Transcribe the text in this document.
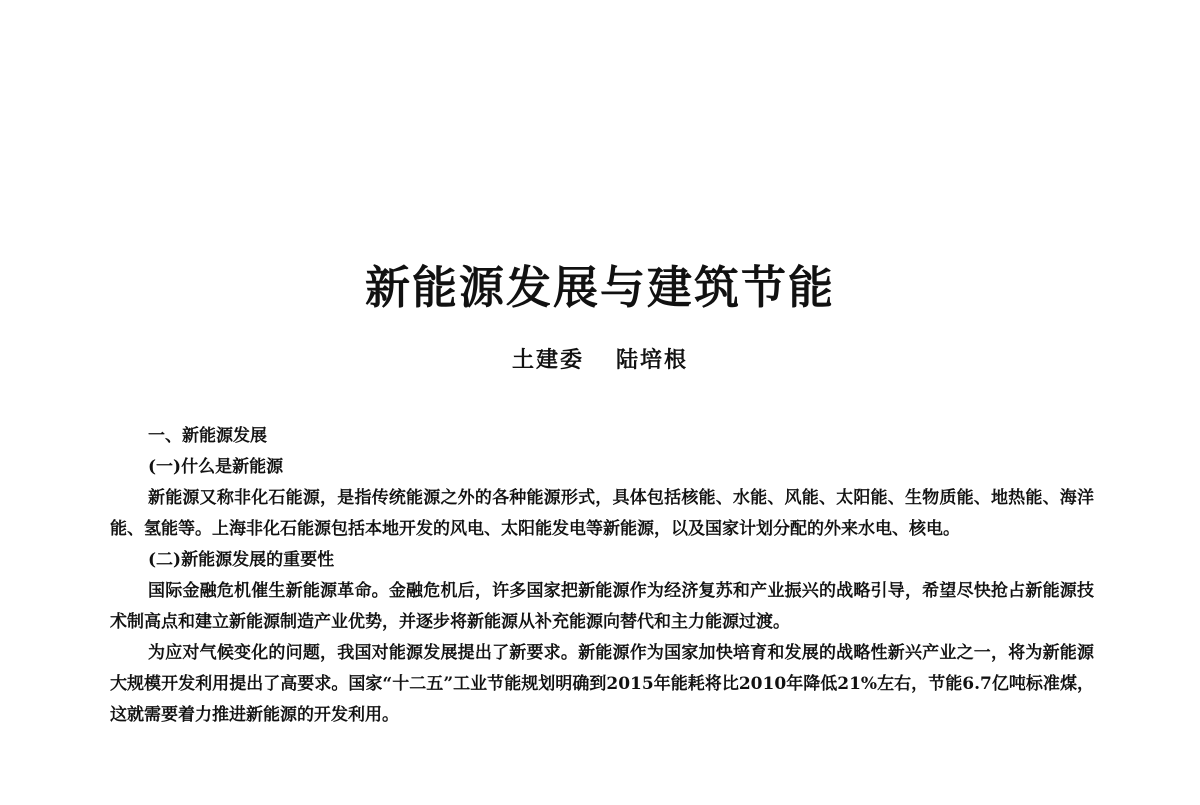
新能源发展与建筑节能
土建委 陆培根
一、新能源发展
(一)什么是新能源

新能源又称非化石能源，是指传统能源之外的各种能源形式，具体包括核能、水能、风能、太阳能、生物质能、地热能、海洋能、氢能等。上海非化石能源包括本地开发的风电、太阳能发电等新能源，以及国家计划分配的外来水电、核电。

(二)新能源发展的重要性

国际金融危机催生新能源革命。金融危机后，许多国家把新能源作为经济复苏和产业振兴的战略引导，希望尽快抢占新能源技术制高点和建立新能源制造产业优势，并逐步将新能源从补充能源向替代和主力能源过渡。

为应对气候变化的问题，我国对能源发展提出了新要求。新能源作为国家加快培育和发展的战略性新兴产业之一，将为新能源大规模开发利用提出了高要求。国家“十二五”工业节能规划明确到2015年能耗将比2010年降低21%左右，节能6.7亿吨标准煤，这就需要着力推进新能源的开发利用。
